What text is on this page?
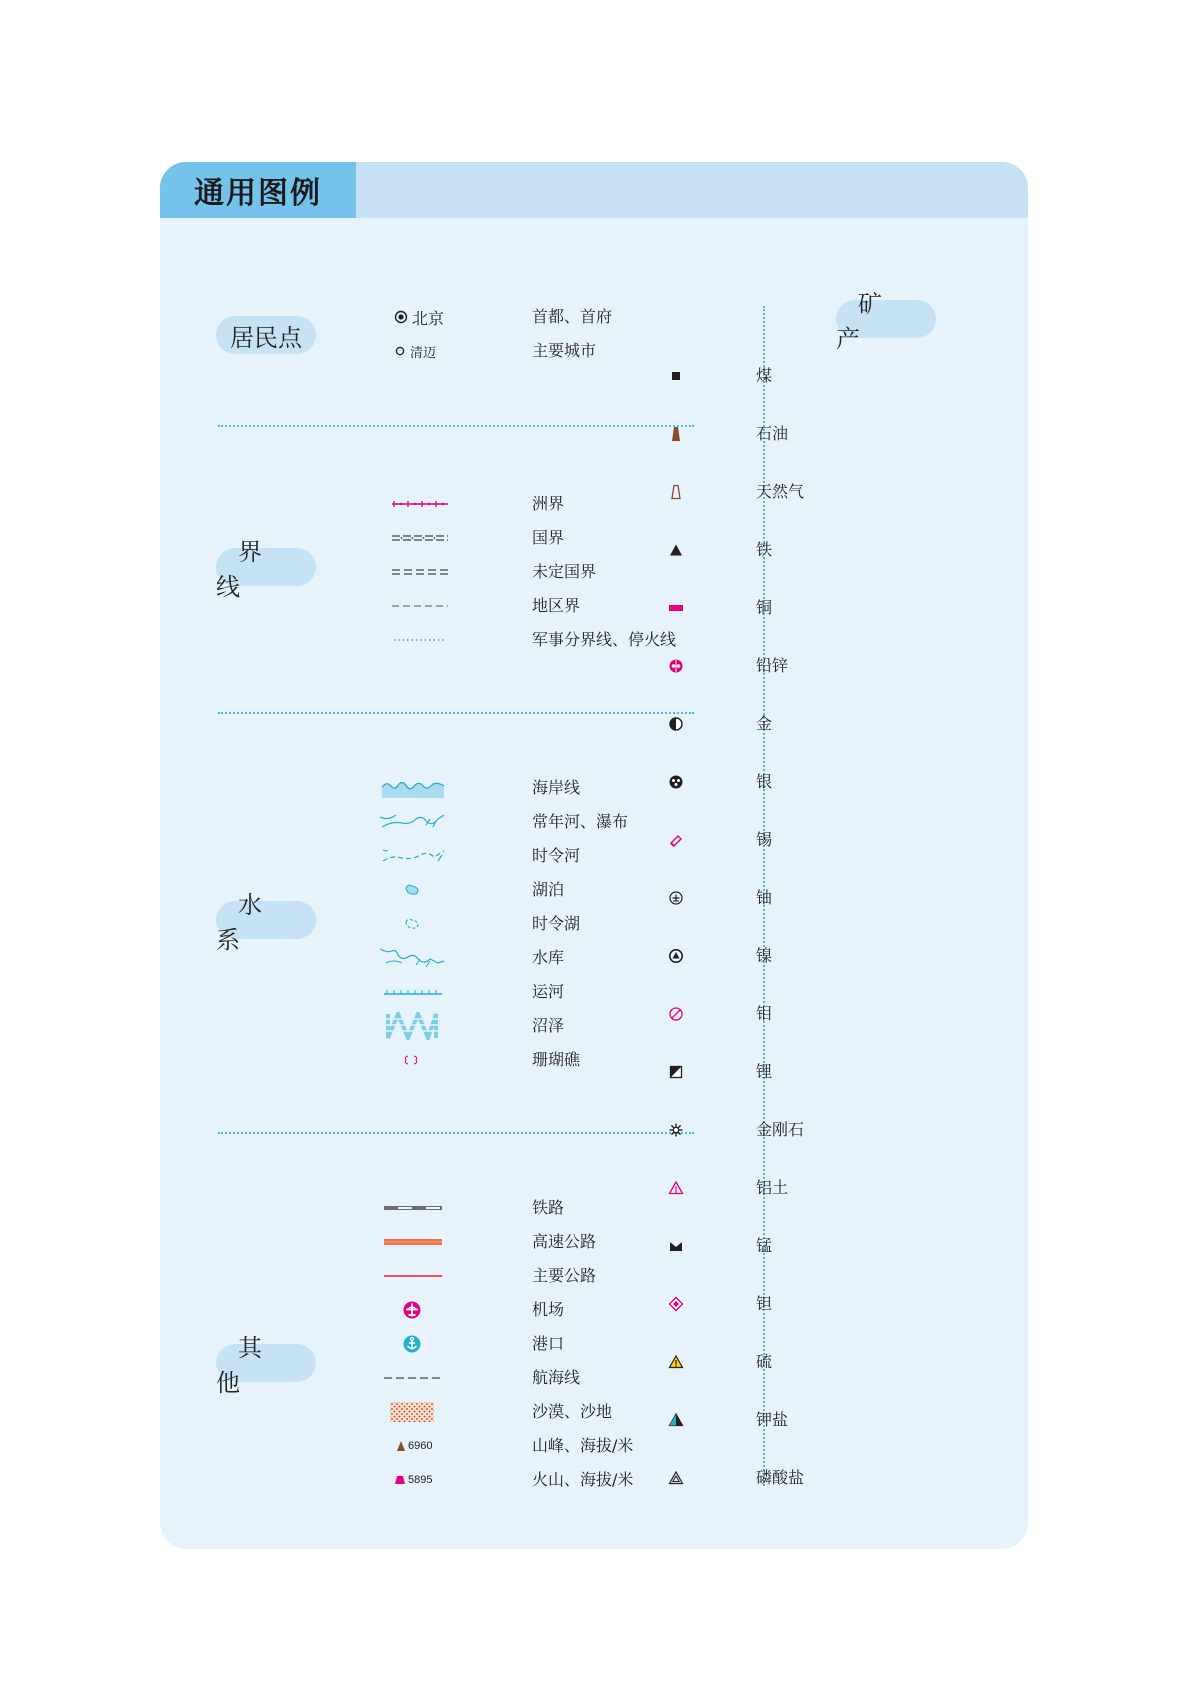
通用图例
居民点
界 线
水 系
其 他
矿 产
北京	首都、首府
清迈	主要城市
洲界
国界
未定国界
地区界
军事分界线、停火线
海岸线
常年河、瀑布
时令河
湖泊
时令湖
水库
运河
沼泽
珊瑚礁
铁路
高速公路
主要公路
机场
港口
航海线
沙漠、沙地
6960	山峰、海拔/米
5895	火山、海拔/米
煤
石油
天然气
铁
铜
铅锌
金
银
锡
铀
镍
钼
锂
金刚石
铝土
锰
钽
硫
钾盐
磷酸盐
